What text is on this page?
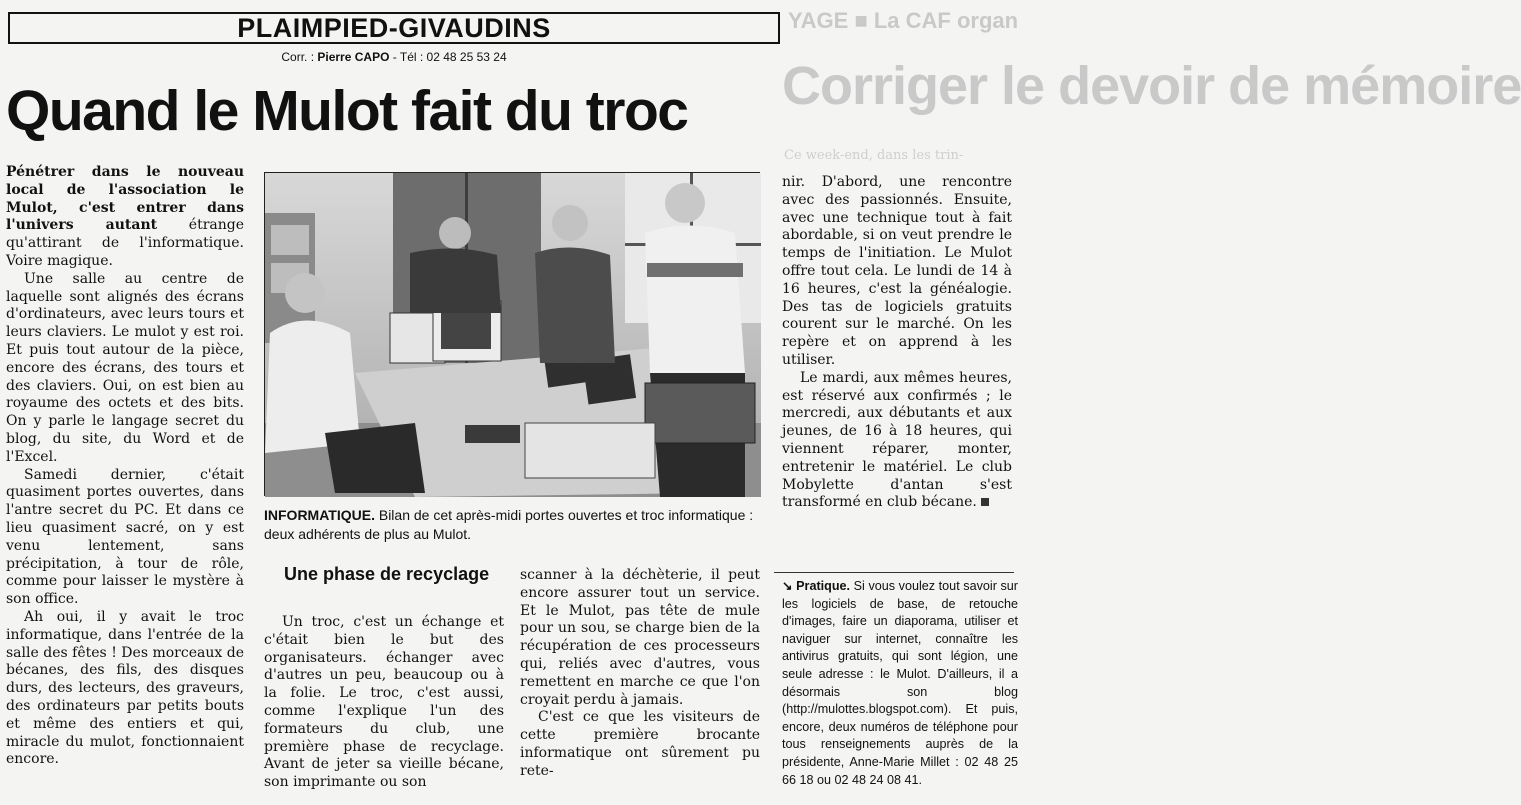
YAGE ■ La CAF organ
Corriger le devoir de mémoire
Ce week-end, dans les trin-
PLAIMPIED-GIVAUDINS
Corr. : Pierre CAPO - Tél : 02 48 25 53 24
Quand le Mulot fait du troc

Pénétrer dans le nouveau local de l'association le Mulot, c'est entrer dans l'univers autant étrange qu'attirant de l'informatique. Voire magique.

Une salle au centre de laquelle sont alignés des écrans d'ordinateurs, avec leurs tours et leurs claviers. Le mulot y est roi. Et puis tout autour de la pièce, encore des écrans, des tours et des claviers. Oui, on est bien au royaume des octets et des bits. On y parle le langage secret du blog, du site, du Word et de l'Excel.

Samedi dernier, c'était quasiment portes ouvertes, dans l'antre secret du PC. Et dans ce lieu quasiment sacré, on y est venu lentement, sans précipitation, à tour de rôle, comme pour laisser le mystère à son office.

Ah oui, il y avait le troc informatique, dans l'entrée de la salle des fêtes ! Des morceaux de bécanes, des fils, des disques durs, des lecteurs, des graveurs, des ordinateurs par petits bouts et même des entiers et qui, miracle du mulot, fonctionnaient encore.

INFORMATIQUE. Bilan de cet après-midi portes ouvertes et troc informatique : deux adhérents de plus au Mulot.
Une phase de recyclage

Un troc, c'est un échange et c'était bien le but des organisateurs. échanger avec d'autres un peu, beaucoup ou à la folie. Le troc, c'est aussi, comme l'explique l'un des formateurs du club, une première phase de recyclage. Avant de jeter sa vieille bécane, son imprimante ou son

scanner à la déchèterie, il peut encore assurer tout un service. Et le Mulot, pas tête de mule pour un sou, se charge bien de la récupération de ces processeurs qui, reliés avec d'autres, vous remettent en marche ce que l'on croyait perdu à jamais.

C'est ce que les visiteurs de cette première brocante informatique ont sûrement pu rete-

nir. D'abord, une rencontre avec des passionnés. Ensuite, avec une technique tout à fait abordable, si on veut prendre le temps de l'initiation. Le Mulot offre tout cela. Le lundi de 14 à 16 heures, c'est la généalogie. Des tas de logiciels gratuits courent sur le marché. On les repère et on apprend à les utiliser.

Le mardi, aux mêmes heures, est réservé aux confirmés ; le mercredi, aux débutants et aux jeunes, de 16 à 18 heures, qui viennent réparer, monter, entretenir le matériel. Le club Mobylette d'antan s'est transformé en club bécane.

↘ Pratique. Si vous voulez tout savoir sur les logiciels de base, de retouche d'images, faire un diaporama, utiliser et naviguer sur internet, connaître les antivirus gratuits, qui sont légion, une seule adresse : le Mulot. D'ailleurs, il a désormais son blog (http://mulottes.blogspot.com). Et puis, encore, deux numéros de téléphone pour tous renseignements auprès de la présidente, Anne-Marie Millet : 02 48 25 66 18 ou 02 48 24 08 41.
